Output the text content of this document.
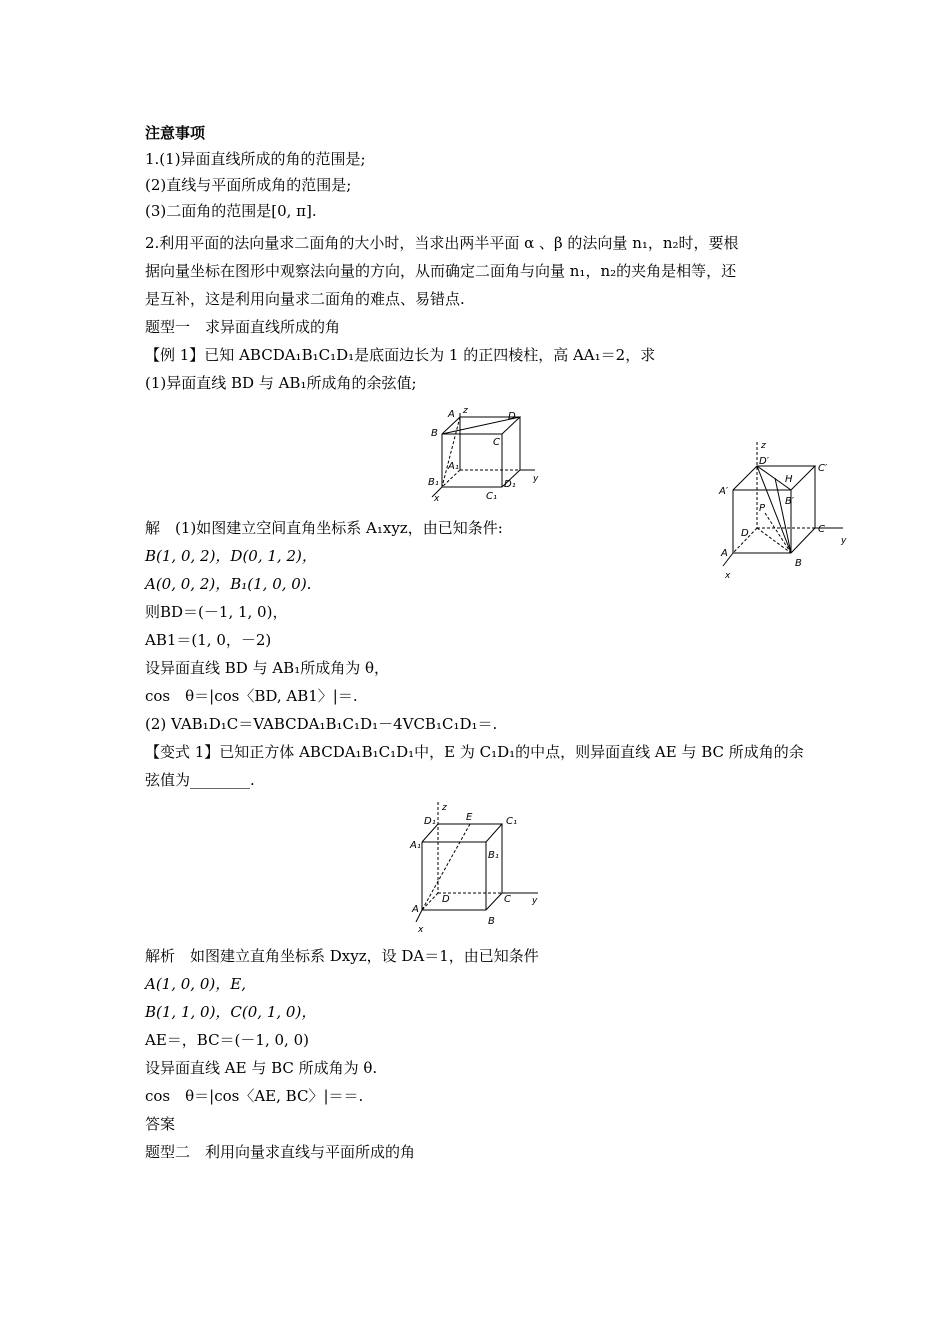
注意事项
1.(1)异面直线所成的角的范围是;
(2)直线与平面所成角的范围是;
(3)二面角的范围是[0, π].
2.利用平面的法向量求二面角的大小时，当求出两半平面 α 、β 的法向量 n₁，n₂时，要根
据向量坐标在图形中观察法向量的方向，从而确定二面角与向量 n₁，n₂的夹角是相等，还
是互补，这是利用向量求二面角的难点、易错点.
题型一　求异面直线所成的角
【例 1】已知 ABCDA₁B₁C₁D₁是底面边长为 1 的正四棱柱，高 AA₁＝2，求
(1)异面直线 BD 与 AB₁所成角的余弦值;
A z	D
B
C
A₁
B₁
C₁
D₁
x
y
z
D′
C′
H
A′
B′
P
D	C
y
A
B
x
解　(1)如图建立空间直角坐标系 A₁xyz，由已知条件:
B(1, 0, 2)，D(0, 1, 2)，
A(0, 0, 2)，B₁(1, 0, 0).
则BD＝(－1, 1, 0)，
AB1＝(1, 0，－2)
设异面直线 BD 与 AB₁所成角为 θ，
cos　θ＝|cos〈BD, AB1〉|＝.
(2) VAB₁D₁C＝VABCDA₁B₁C₁D₁－4VCB₁C₁D₁＝.
【变式 1】已知正方体 ABCDA₁B₁C₁D₁中，E 为 C₁D₁的中点，则异面直线 AE 与 BC 所成角的余
弦值为________.
z
D₁	E	C₁
A₁
B₁
D	C y
A
B
x
解析　如图建立直角坐标系 Dxyz，设 DA＝1，由已知条件
A(1, 0, 0)，E,
B(1, 1, 0)，C(0, 1, 0)，
AE＝，BC＝(－1, 0, 0)
设异面直线 AE 与 BC 所成角为 θ.
cos　θ＝|cos〈AE, BC〉|＝＝.
答案
题型二　利用向量求直线与平面所成的角
